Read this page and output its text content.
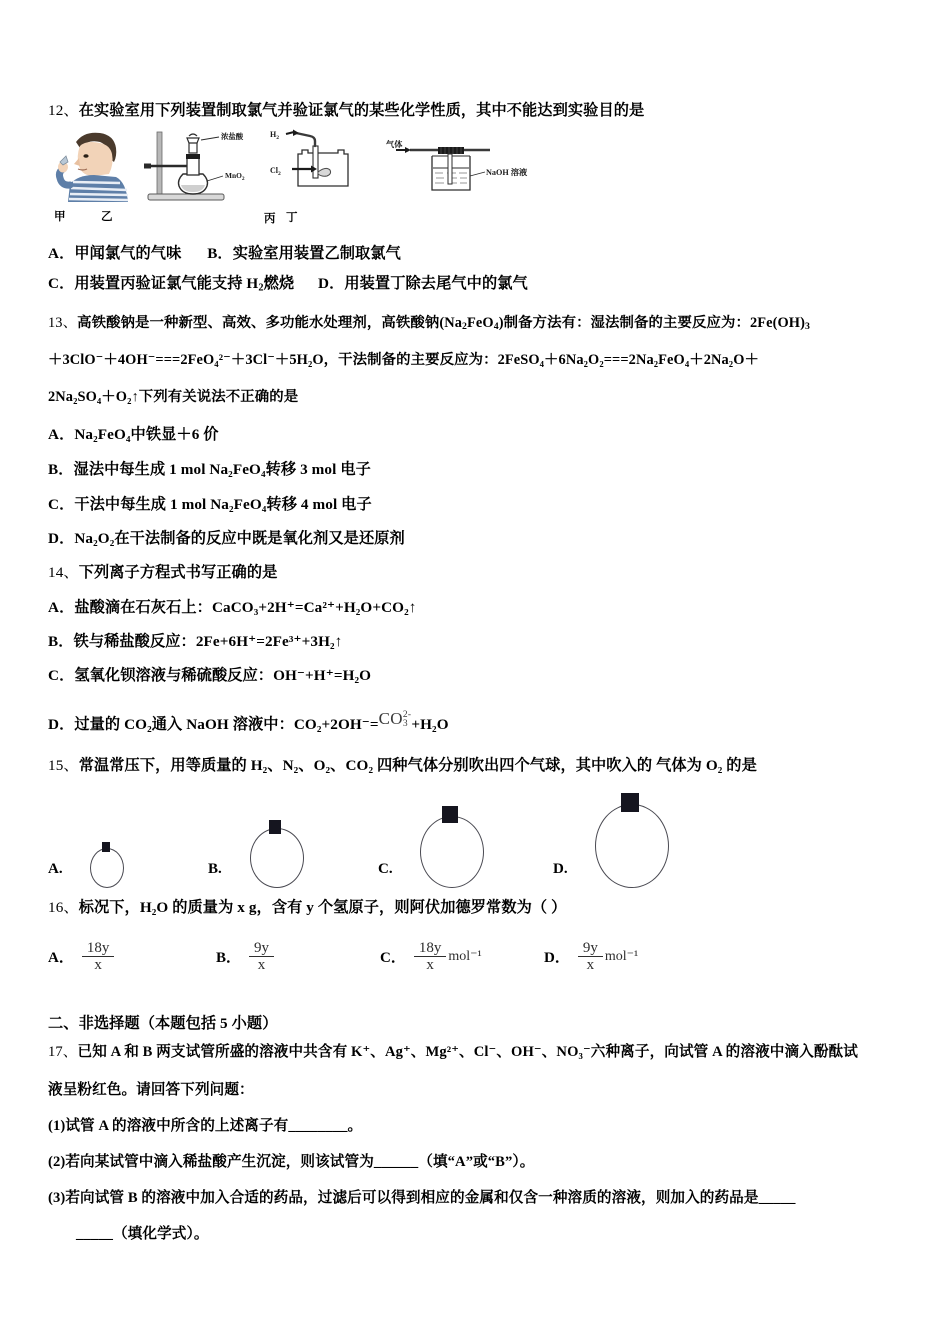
12、在实验室用下列装置制取氯气并验证氯气的某些化学性质，其中不能达到实验目的是
甲
浓盐酸
MnO$_2$
乙
$H_2$
$Cl_2$
丙
气体
NaOH 溶液
丁
A．甲闻氯气的气味 B．实验室用装置乙制取氯气
C．用装置丙验证氯气能支持 $H_2$燃烧 D．用装置丁除去尾气中的氯气
13、高铁酸钠是一种新型、高效、多功能水处理剂，高铁酸钠$(Na_2FeO_4)$制备方法有：湿法制备的主要反应为：$2Fe(OH)_3$
＋3ClO⁻＋4OH⁻===2FeO₄²⁻＋3Cl⁻＋5H₂O，干法制备的主要反应为：2FeSO₄＋6Na₂O₂===2Na₂FeO₄＋2Na₂O＋
2Na₂SO₄＋O₂↑下列有关说法不正确的是
A．Na₂FeO₄中铁显＋6 价
B．湿法中每生成 1 mol Na₂FeO₄转移 3 mol 电子
C．干法中每生成 1 mol Na₂FeO₄转移 4 mol 电子
D．Na₂O₂在干法制备的反应中既是氧化剂又是还原剂
14、下列离子方程式书写正确的是
A．盐酸滴在石灰石上：CaCO₃+2H⁺=Ca²⁺+H₂O+CO₂↑
B．铁与稀盐酸反应：2Fe+6H⁺=2Fe³⁺+3H₂↑
C．氢氧化钡溶液与稀硫酸反应：OH⁻+H⁺=H₂O
D．过量的 CO₂通入 NaOH 溶液中：CO₂+2OH⁻=CO 2-
3 +H₂O
15、常温常压下，用等质量的 H₂、N₂、O₂、CO₂ 四种气体分别吹出四个气球，其中吹入的 气体为 O₂ 的是
A.	B.	C.	D.
16、标况下，H₂O 的质量为 x g，含有 y 个氢原子，则阿伏加德罗常数为（ ）
A． $\frac{18y}{x}$	B． $\frac{9y}{x}$	C． $\frac{18y}{x} mol^{-1}$	D． $\frac{9y}{x} mol^{-1}$
二、非选择题（本题包括 5 小题）
17、已知 A 和 B 两支试管所盛的溶液中共含有 K⁺、Ag⁺、Mg²⁺、Cl⁻、OH⁻、NO₃⁻六种离子，向试管 A 的溶液中滴入酚酞试
液呈粉红色。请回答下列问题：
(1)试管 A 的溶液中所含的上述离子有________。
(2)若向某试管中滴入稀盐酸产生沉淀，则该试管为______（填“A”或“B”）。
(3)若向试管 B 的溶液中加入合适的药品，过滤后可以得到相应的金属和仅含一种溶质的溶液，则加入的药品是_____
_____（填化学式）。
